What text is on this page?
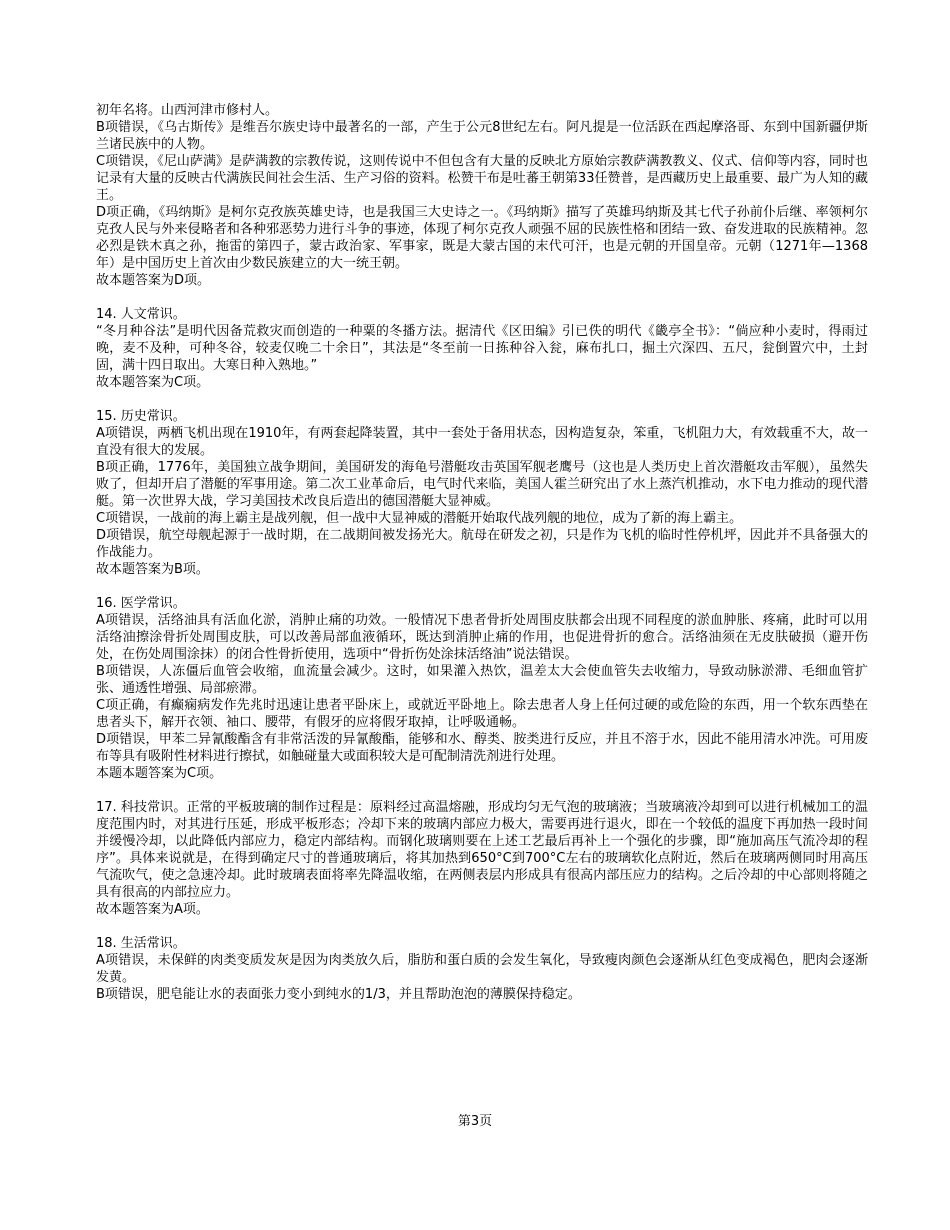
初年名将。山西河津市修村人。

B项错误，《乌古斯传》是维吾尔族史诗中最著名的一部，产生于公元8世纪左右。阿凡提是一位活跃在西起摩洛哥、东到中国新疆伊斯兰诸民族中的人物。

C项错误，《尼山萨满》是萨满教的宗教传说，这则传说中不但包含有大量的反映北方原始宗教萨满教教义、仪式、信仰等内容，同时也记录有大量的反映古代满族民间社会生活、生产习俗的资料。松赞干布是吐蕃王朝第33任赞普，是西藏历史上最重要、最广为人知的藏王。

D项正确，《玛纳斯》是柯尔克孜族英雄史诗，也是我国三大史诗之一。《玛纳斯》描写了英雄玛纳斯及其七代子孙前仆后继、率领柯尔克孜人民与外来侵略者和各种邪恶势力进行斗争的事迹，体现了柯尔克孜人顽强不屈的民族性格和团结一致、奋发进取的民族精神。忽必烈是铁木真之孙，拖雷的第四子，蒙古政治家、军事家，既是大蒙古国的末代可汗，也是元朝的开国皇帝。元朝（1271年—1368年）是中国历史上首次由少数民族建立的大一统王朝。

故本题答案为D项。

14. 人文常识。

“冬月种谷法”是明代因备荒救灾而创造的一种粟的冬播方法。据清代《区田编》引已佚的明代《畿亭全书》：“倘应种小麦时，得雨过晚，麦不及种，可种冬谷，较麦仅晚二十余日”，其法是“冬至前一日拣种谷入瓮，麻布扎口，掘土穴深四、五尺，瓮倒置穴中，土封固，满十四日取出。大寒日种入熟地。”

故本题答案为C项。

15. 历史常识。

A项错误，两栖飞机出现在1910年，有两套起降装置，其中一套处于备用状态，因构造复杂，笨重，飞机阻力大，有效载重不大，故一直没有很大的发展。

B项正确，1776年，美国独立战争期间，美国研发的海龟号潜艇攻击英国军舰老鹰号（这也是人类历史上首次潜艇攻击军舰），虽然失败了，但却开启了潜艇的军事用途。第二次工业革命后，电气时代来临，美国人霍兰研究出了水上蒸汽机推动，水下电力推动的现代潜艇。第一次世界大战，学习美国技术改良后造出的德国潜艇大显神威。

C项错误，一战前的海上霸主是战列舰，但一战中大显神威的潜艇开始取代战列舰的地位，成为了新的海上霸主。

D项错误，航空母舰起源于一战时期，在二战期间被发扬光大。航母在研发之初，只是作为飞机的临时性停机坪，因此并不具备强大的作战能力。

故本题答案为B项。

16. 医学常识。

A项错误，活络油具有活血化淤，消肿止痛的功效。一般情况下患者骨折处周围皮肤都会出现不同程度的淤血肿胀、疼痛，此时可以用活络油擦涂骨折处周围皮肤，可以改善局部血液循环，既达到消肿止痛的作用，也促进骨折的愈合。活络油须在无皮肤破损（避开伤处，在伤处周围涂抹）的闭合性骨折使用，选项中“骨折伤处涂抹活络油”说法错误。

B项错误，人冻僵后血管会收缩，血流量会减少。这时，如果灌入热饮，温差太大会使血管失去收缩力，导致动脉淤滞、毛细血管扩张、通透性增强、局部瘀滞。

C项正确，有癫痫病发作先兆时迅速让患者平卧床上，或就近平卧地上。除去患者人身上任何过硬的或危险的东西，用一个软东西垫在患者头下，解开衣领、袖口、腰带，有假牙的应将假牙取掉，让呼吸通畅。

D项错误，甲苯二异氰酸酯含有非常活泼的异氰酸酯，能够和水、醇类、胺类进行反应，并且不溶于水，因此不能用清水冲洗。可用废布等具有吸附性材料进行擦拭，如触碰量大或面积较大是可配制清洗剂进行处理。

本题本题答案为C项。

17. 科技常识。正常的平板玻璃的制作过程是：原料经过高温熔融，形成均匀无气泡的玻璃液；当玻璃液冷却到可以进行机械加工的温度范围内时，对其进行压延，形成平板形态；冷却下来的玻璃内部应力极大，需要再进行退火，即在一个较低的温度下再加热一段时间并缓慢冷却，以此降低内部应力，稳定内部结构。而钢化玻璃则要在上述工艺最后再补上一个强化的步骤，即“施加高压气流冷却的程序”。具体来说就是，在得到确定尺寸的普通玻璃后，将其加热到650°C到700°C左右的玻璃软化点附近，然后在玻璃两侧同时用高压气流吹气，使之急速冷却。此时玻璃表面将率先降温收缩，在两侧表层内形成具有很高内部压应力的结构。之后冷却的中心部则将随之具有很高的内部拉应力。

故本题答案为A项。

18. 生活常识。

A项错误，未保鲜的肉类变质发灰是因为肉类放久后，脂肪和蛋白质的会发生氧化，导致瘦肉颜色会逐渐从红色变成褐色，肥肉会逐渐发黄。

B项错误，肥皂能让水的表面张力变小到纯水的1/3，并且帮助泡泡的薄膜保持稳定。

第3页
